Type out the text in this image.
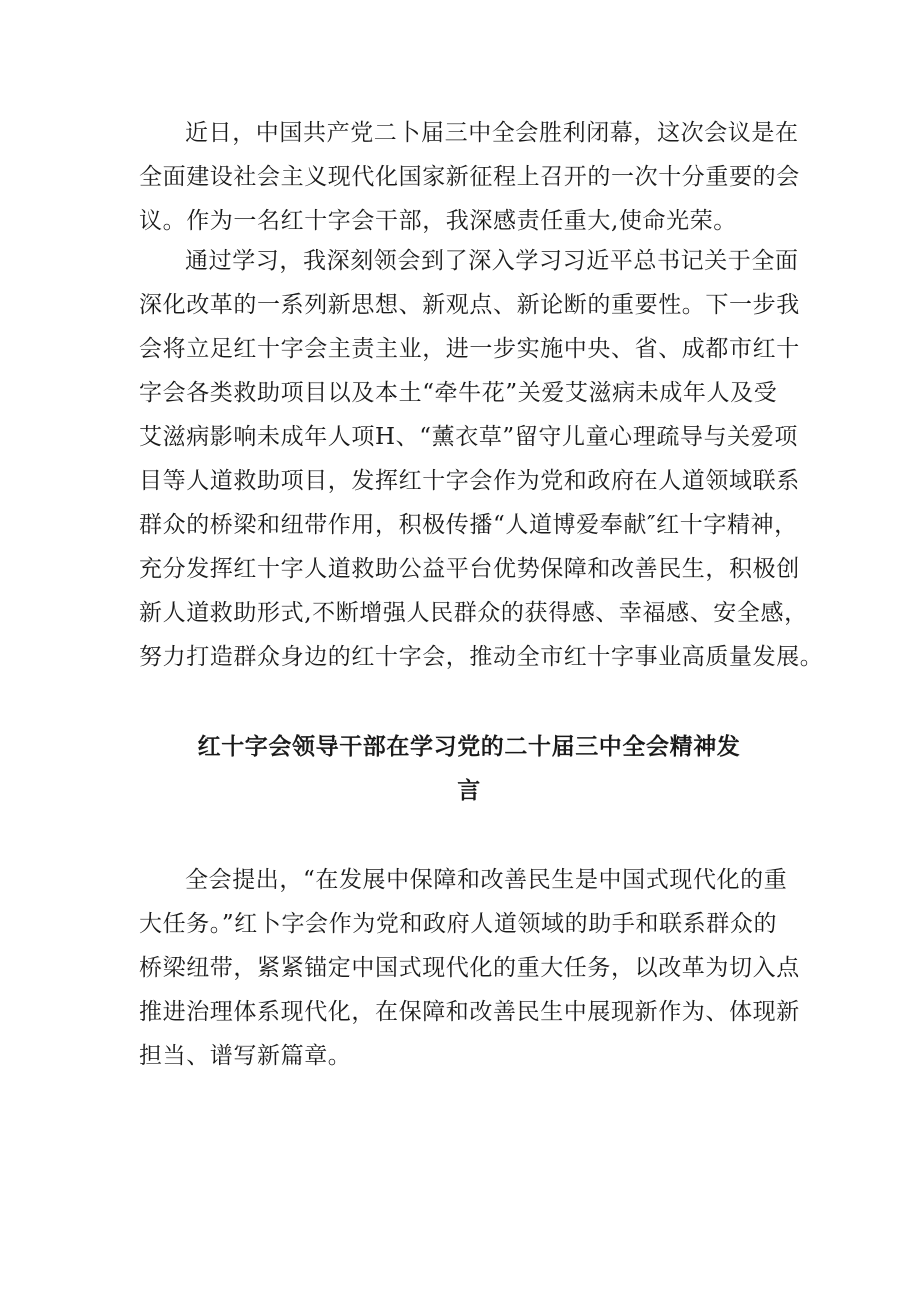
近日，中国共产党二卜届三中全会胜利闭幕，这次会议是在
全面建设社会主义现代化国家新征程上召开的一次十分重要的会
议。作为一名红十字会干部，我深感责任重大,使命光荣。
通过学习，我深刻领会到了深入学习习近平总书记关于全面
深化改革的一系列新思想、新观点、新论断的重要性。下一步我
会将立足红十字会主责主业，进一步实施中央、省、成都市红十
字会各类救助项目以及本土“牵牛花”关爱艾滋病未成年人及受
艾滋病影响未成年人项H、“薰衣草”留守儿童心理疏导与关爱项
目等人道救助项目，发挥红十字会作为党和政府在人道领域联系
群众的桥梁和纽带作用，积极传播“人道博爱奉献″红十字精神，
充分发挥红十字人道救助公益平台优势保障和改善民生，积极创
新人道救助形式,不断增强人民群众的获得感、幸福感、安全感，
努力打造群众身边的红十字会，推动全市红十字事业高质量发展。
红十字会领导干部在学习党的二十届三中全会精神发
言
全会提出，“在发展中保障和改善民生是中国式现代化的重
大任务。”红卜字会作为党和政府人道领域的助手和联系群众的
桥梁纽带，紧紧锚定中国式现代化的重大任务，以改革为切入点
推进治理体系现代化，在保障和改善民生中展现新作为、体现新
担当、谱写新篇章。
